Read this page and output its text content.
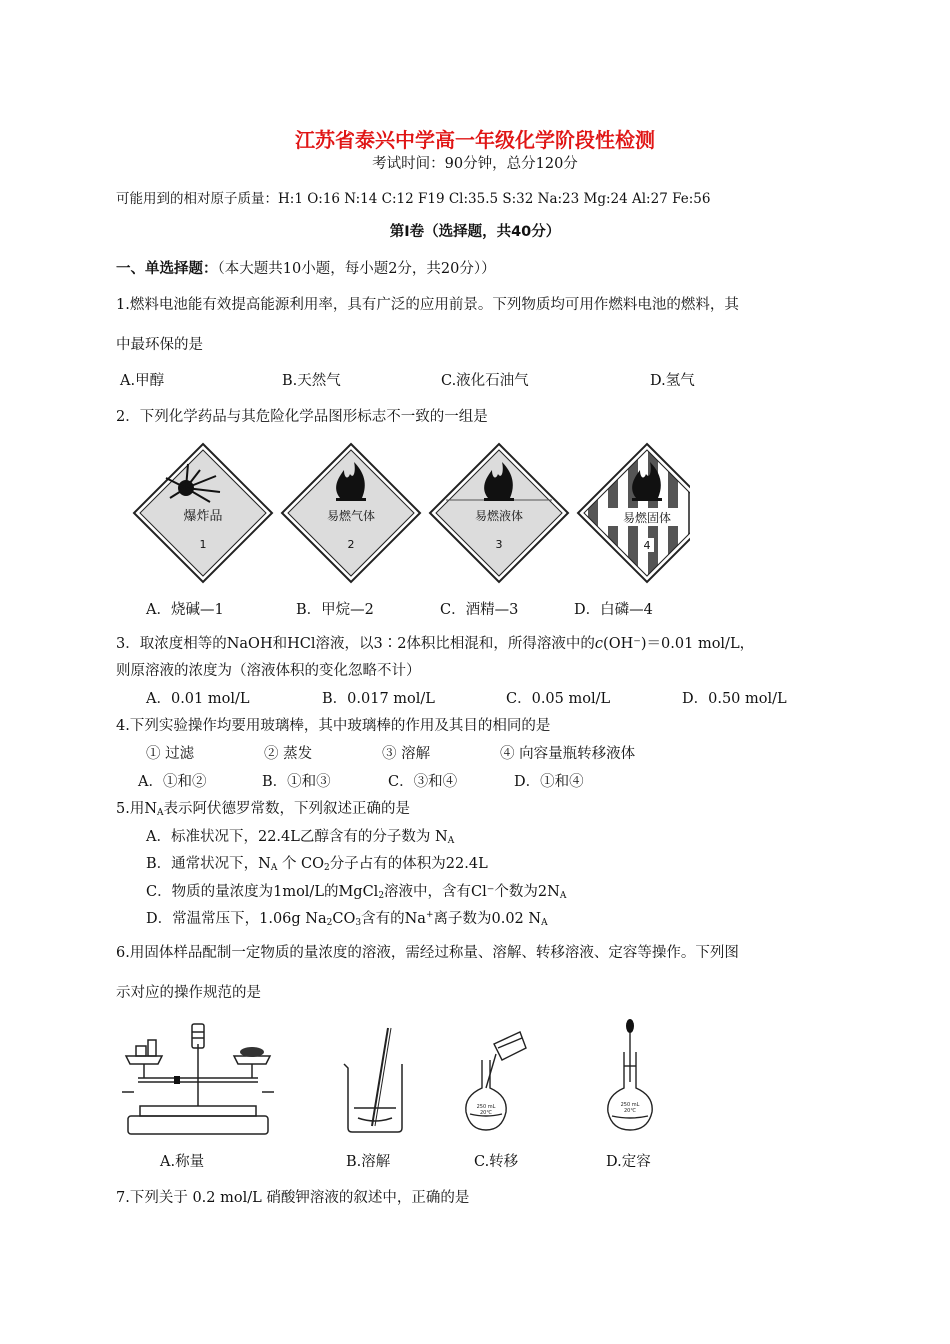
江苏省泰兴中学高一年级化学阶段性检测
考试时间：90分钟，总分120分
可能用到的相对原子质量：H:1 O:16 N:14 C:12 F19 Cl:35.5 S:32 Na:23 Mg:24 Al:27 Fe:56
第Ⅰ卷（选择题，共40分）
一、单选择题：（本大题共10小题，每小题2分，共20分））
1.燃料电池能有效提高能源利用率，具有广泛的应用前景。下列物质均可用作燃料电池的燃料，其
中最环保的是
A.甲醇	B.天然气	C.液化石油气	D.氢气
2．下列化学药品与其危险化学品图形标志不一致的一组是
爆炸品
1
易燃气体
2
易燃液体
3
易燃固体
4
A．烧碱—1	B．甲烷—2	C．酒精—3	D．白磷—4
3．取浓度相等的NaOH和HCl溶液，以3∶2体积比相混和，所得溶液中的c(OH⁻)＝0.01 mol/L，
则原溶液的浓度为（溶液体积的变化忽略不计）
A．0.01 mol/L	B．0.017 mol/L	C．0.05 mol/L	D．0.50 mol/L
4.下列实验操作均要用玻璃棒，其中玻璃棒的作用及其目的相同的是
① 过滤	② 蒸发	③ 溶解	④ 向容量瓶转移液体
A．①和②	B．①和③	C．③和④	D．①和④
5.用NA表示阿伏德罗常数，下列叙述正确的是
A．标准状况下，22.4L乙醇含有的分子数为 NA
B．通常状况下，NA 个 CO2分子占有的体积为22.4L
C．物质的量浓度为1mol/L的MgCl2溶液中，含有Cl⁻个数为2NA
D．常温常压下，1.06g Na2CO3含有的Na+离子数为0.02 NA
6.用固体样品配制一定物质的量浓度的溶液，需经过称量、溶解、转移溶液、定容等操作。下列图
示对应的操作规范的是
A.称量	B.溶解
250 mL
20℃
C.转移
250 mL
20℃
D.定容
7.下列关于 0.2 mol/L 硝酸钾溶液的叙述中，正确的是
